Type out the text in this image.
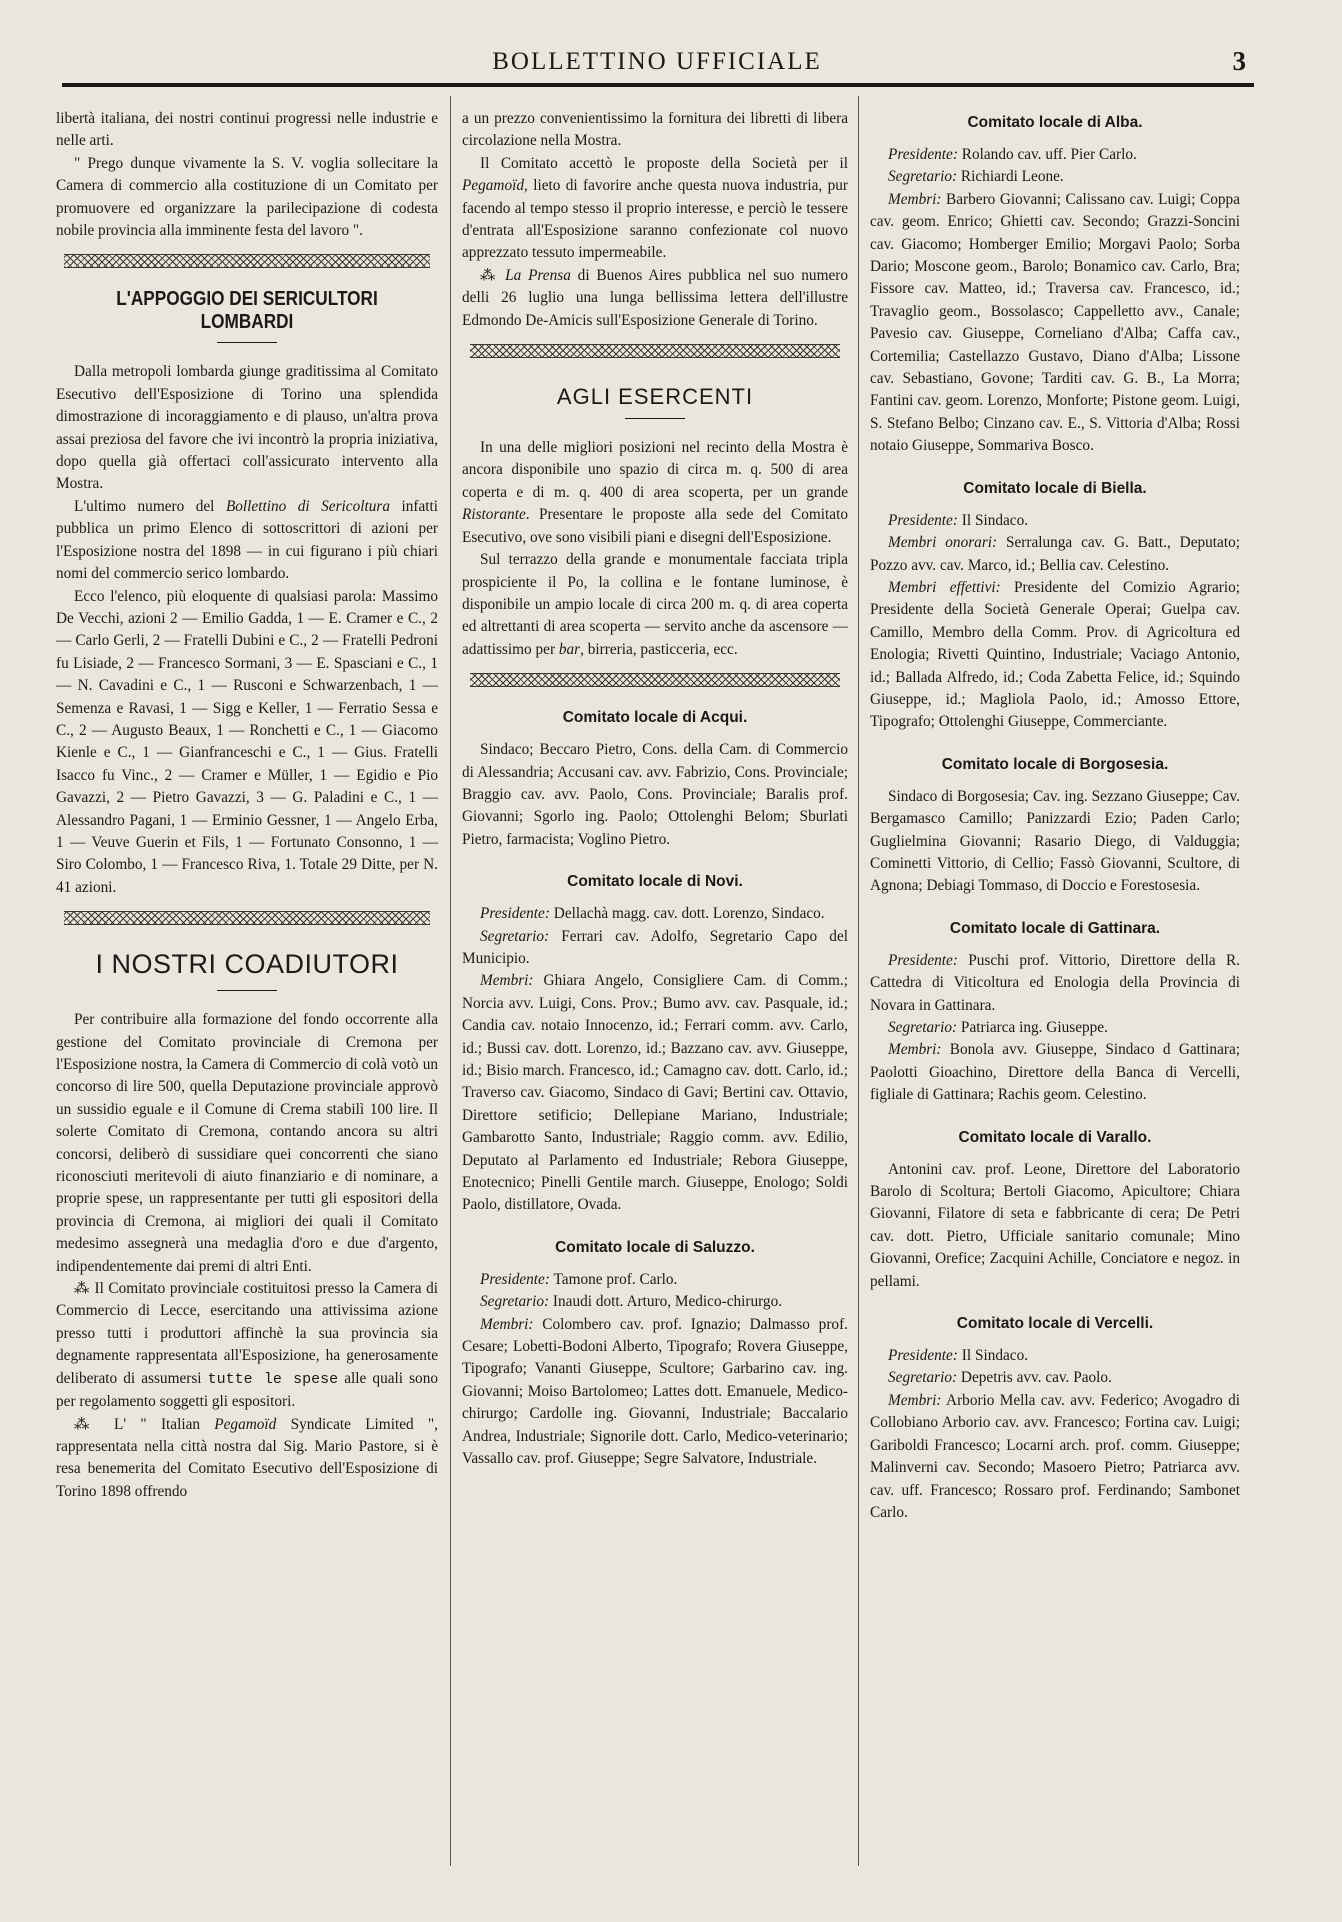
BOLLETTINO UFFICIALE	3

libertà italiana, dei nostri continui progressi nelle industrie e nelle arti.

" Prego dunque vivamente la S. V. voglia sollecitare la Camera di commercio alla costituzione di un Comitato per promuovere ed organizzare la parilecipazione di codesta nobile provincia alla imminente festa del lavoro ".

L'APPOGGIO DEI SERICULTORI LOMBARDI

Dalla metropoli lombarda giunge graditissima al Comitato Esecutivo dell'Esposizione di Torino una splendida dimostrazione di incoraggiamento e di plauso, un'altra prova assai preziosa del favore che ivi incontrò la propria iniziativa, dopo quella già offertaci coll'assicurato intervento alla Mostra.

L'ultimo numero del Bollettino di Sericoltura infatti pubblica un primo Elenco di sottoscrittori di azioni per l'Esposizione nostra del 1898 — in cui figurano i più chiari nomi del commercio serico lombardo.

Ecco l'elenco, più eloquente di qualsiasi parola: Massimo De Vecchi, azioni 2 — Emilio Gadda, 1 — E. Cramer e C., 2 — Carlo Gerli, 2 — Fratelli Dubini e C., 2 — Fratelli Pedroni fu Lisiade, 2 — Francesco Sormani, 3 — E. Spasciani e C., 1 — N. Cavadini e C., 1 — Rusconi e Schwarzenbach, 1 — Semenza e Ravasi, 1 — Sigg e Keller, 1 — Ferratio Sessa e C., 2 — Augusto Beaux, 1 — Ronchetti e C., 1 — Giacomo Kienle e C., 1 — Gianfranceschi e C., 1 — Gius. Fratelli Isacco fu Vinc., 2 — Cramer e Müller, 1 — Egidio e Pio Gavazzi, 2 — Pietro Gavazzi, 3 — G. Paladini e C., 1 — Alessandro Pagani, 1 — Erminio Gessner, 1 — Angelo Erba, 1 — Veuve Guerin et Fils, 1 — Fortunato Consonno, 1 — Siro Colombo, 1 — Francesco Riva, 1. Totale 29 Ditte, per N. 41 azioni.

I NOSTRI COADIUTORI

Per contribuire alla formazione del fondo occorrente alla gestione del Comitato provinciale di Cremona per l'Esposizione nostra, la Camera di Commercio di colà votò un concorso di lire 500, quella Deputazione provinciale approvò un sussidio eguale e il Comune di Crema stabilì 100 lire. Il solerte Comitato di Cremona, contando ancora su altri concorsi, deliberò di sussidiare quei concorrenti che siano riconosciuti meritevoli di aiuto finanziario e di nominare, a proprie spese, un rappresentante per tutti gli espositori della provincia di Cremona, ai migliori dei quali il Comitato medesimo assegnerà una medaglia d'oro e due d'argento, indipendentemente dai premi di altri Enti.

⁂ Il Comitato provinciale costituitosi presso la Camera di Commercio di Lecce, esercitando una attivissima azione presso tutti i produttori affinchè la sua provincia sia degnamente rappresentata all'Esposizione, ha generosamente deliberato di assumersi tutte le spese alle quali sono per regolamento soggetti gli espositori.

⁂ L' " Italian Pegamoïd Syndicate Limited ", rappresentata nella città nostra dal Sig. Mario Pastore, si è resa benemerita del Comitato Esecutivo dell'Esposizione di Torino 1898 offrendo

a un prezzo convenientissimo la fornitura dei libretti di libera circolazione nella Mostra.

Il Comitato accettò le proposte della Società per il Pegamoïd, lieto di favorire anche questa nuova industria, pur facendo al tempo stesso il proprio interesse, e perciò le tessere d'entrata all'Esposizione saranno confezionate col nuovo apprezzato tessuto impermeabile.

⁂ La Prensa di Buenos Aires pubblica nel suo numero delli 26 luglio una lunga bellissima lettera dell'illustre Edmondo De-Amicis sull'Esposizione Generale di Torino.

AGLI ESERCENTI

In una delle migliori posizioni nel recinto della Mostra è ancora disponibile uno spazio di circa m. q. 500 di area coperta e di m. q. 400 di area scoperta, per un grande Ristorante. Presentare le proposte alla sede del Comitato Esecutivo, ove sono visibili piani e disegni dell'Esposizione.

Sul terrazzo della grande e monumentale facciata tripla prospiciente il Po, la collina e le fontane luminose, è disponibile un ampio locale di circa 200 m. q. di area coperta ed altrettanti di area scoperta — servito anche da ascensore — adattissimo per bar, birreria, pasticceria, ecc.

Comitato locale di Acqui.

Sindaco; Beccaro Pietro, Cons. della Cam. di Commercio di Alessandria; Accusani cav. avv. Fabrizio, Cons. Provinciale; Braggio cav. avv. Paolo, Cons. Provinciale; Baralis prof. Giovanni; Sgorlo ing. Paolo; Ottolenghi Belom; Sburlati Pietro, farmacista; Voglino Pietro.

Comitato locale di Novi.

Presidente: Dellachà magg. cav. dott. Lorenzo, Sindaco.

Segretario: Ferrari cav. Adolfo, Segretario Capo del Municipio.

Membri: Ghiara Angelo, Consigliere Cam. di Comm.; Norcia avv. Luigi, Cons. Prov.; Bumo avv. cav. Pasquale, id.; Candia cav. notaio Innocenzo, id.; Ferrari comm. avv. Carlo, id.; Bussi cav. dott. Lorenzo, id.; Bazzano cav. avv. Giuseppe, id.; Bisio march. Francesco, id.; Camagno cav. dott. Carlo, id.; Traverso cav. Giacomo, Sindaco di Gavi; Bertini cav. Ottavio, Direttore setificio; Dellepiane Mariano, Industriale; Gambarotto Santo, Industriale; Raggio comm. avv. Edilio, Deputato al Parlamento ed Industriale; Rebora Giuseppe, Enotecnico; Pinelli Gentile march. Giuseppe, Enologo; Soldi Paolo, distillatore, Ovada.

Comitato locale di Saluzzo.

Presidente: Tamone prof. Carlo.

Segretario: Inaudi dott. Arturo, Medico-chirurgo.

Membri: Colombero cav. prof. Ignazio; Dalmasso prof. Cesare; Lobetti-Bodoni Alberto, Tipografo; Rovera Giuseppe, Tipografo; Vananti Giuseppe, Scultore; Garbarino cav. ing. Giovanni; Moiso Bartolomeo; Lattes dott. Emanuele, Medico-chirurgo; Cardolle ing. Giovanni, Industriale; Baccalario Andrea, Industriale; Signorile dott. Carlo, Medico-veterinario; Vassallo cav. prof. Giuseppe; Segre Salvatore, Industriale.

Comitato locale di Alba.

Presidente: Rolando cav. uff. Pier Carlo.

Segretario: Richiardi Leone.

Membri: Barbero Giovanni; Calissano cav. Luigi; Coppa cav. geom. Enrico; Ghietti cav. Secondo; Grazzi-Soncini cav. Giacomo; Homberger Emilio; Morgavi Paolo; Sorba Dario; Moscone geom., Barolo; Bonamico cav. Carlo, Bra; Fissore cav. Matteo, id.; Traversa cav. Francesco, id.; Travaglio geom., Bossolasco; Cappelletto avv., Canale; Pavesio cav. Giuseppe, Corneliano d'Alba; Caffa cav., Cortemilia; Castellazzo Gustavo, Diano d'Alba; Lissone cav. Sebastiano, Govone; Tarditi cav. G. B., La Morra; Fantini cav. geom. Lorenzo, Monforte; Pistone geom. Luigi, S. Stefano Belbo; Cinzano cav. E., S. Vittoria d'Alba; Rossi notaio Giuseppe, Sommariva Bosco.

Comitato locale di Biella.

Presidente: Il Sindaco.

Membri onorari: Serralunga cav. G. Batt., Deputato; Pozzo avv. cav. Marco, id.; Bellia cav. Celestino.

Membri effettivi: Presidente del Comizio Agrario; Presidente della Società Generale Operai; Guelpa cav. Camillo, Membro della Comm. Prov. di Agricoltura ed Enologia; Rivetti Quintino, Industriale; Vaciago Antonio, id.; Ballada Alfredo, id.; Coda Zabetta Felice, id.; Squindo Giuseppe, id.; Magliola Paolo, id.; Amosso Ettore, Tipografo; Ottolenghi Giuseppe, Commerciante.

Comitato locale di Borgosesia.

Sindaco di Borgosesia; Cav. ing. Sezzano Giuseppe; Cav. Bergamasco Camillo; Panizzardi Ezio; Paden Carlo; Guglielmina Giovanni; Rasario Diego, di Valduggia; Cominetti Vittorio, di Cellio; Fassò Giovanni, Scultore, di Agnona; Debiagi Tommaso, di Doccio e Forestosesia.

Comitato locale di Gattinara.

Presidente: Puschi prof. Vittorio, Direttore della R. Cattedra di Viticoltura ed Enologia della Provincia di Novara in Gattinara.

Segretario: Patriarca ing. Giuseppe.

Membri: Bonola avv. Giuseppe, Sindaco d Gattinara; Paolotti Gioachino, Direttore della Banca di Vercelli, figliale di Gattinara; Rachis geom. Celestino.

Comitato locale di Varallo.

Antonini cav. prof. Leone, Direttore del Laboratorio Barolo di Scoltura; Bertoli Giacomo, Apicultore; Chiara Giovanni, Filatore di seta e fabbricante di cera; De Petri cav. dott. Pietro, Ufficiale sanitario comunale; Mino Giovanni, Orefice; Zacquini Achille, Conciatore e negoz. in pellami.

Comitato locale di Vercelli.

Presidente: Il Sindaco.

Segretario: Depetris avv. cav. Paolo.

Membri: Arborio Mella cav. avv. Federico; Avogadro di Collobiano Arborio cav. avv. Francesco; Fortina cav. Luigi; Gariboldi Francesco; Locarni arch. prof. comm. Giuseppe; Malinverni cav. Secondo; Masoero Pietro; Patriarca avv. cav. uff. Francesco; Rossaro prof. Ferdinando; Sambonet Carlo.
